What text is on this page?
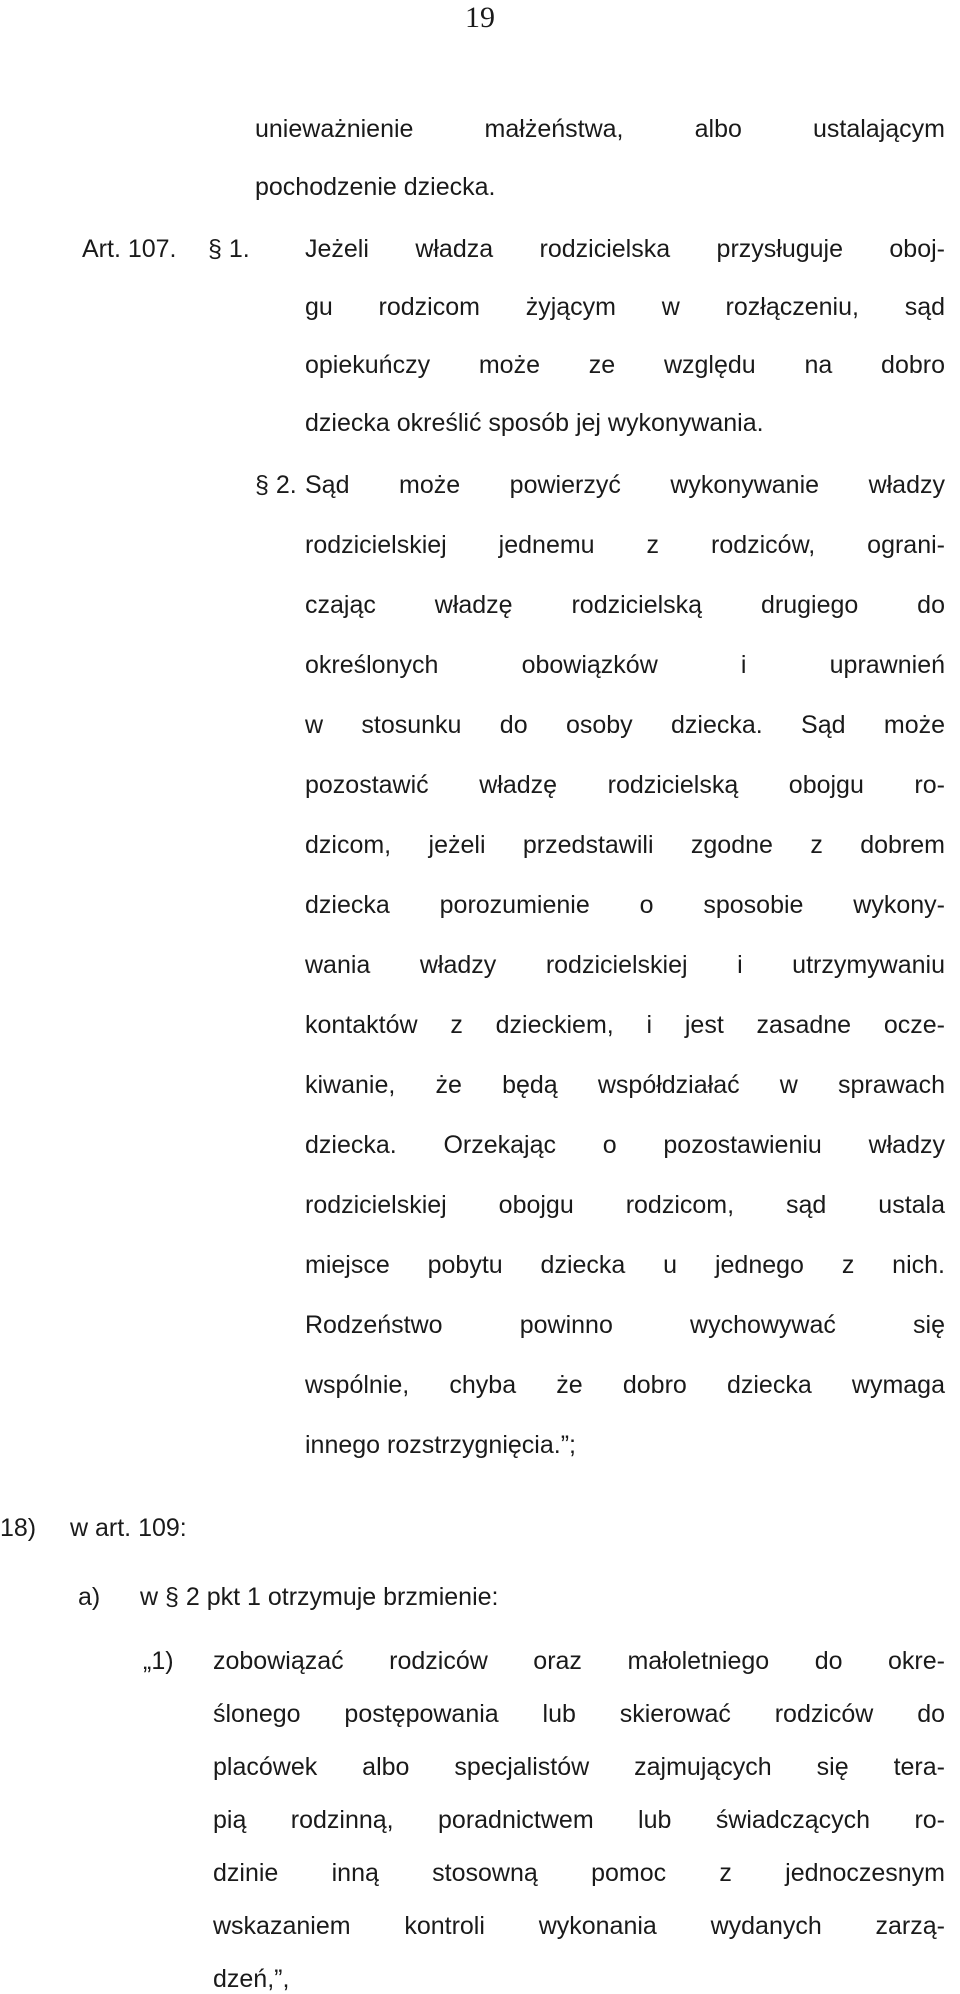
19
unieważnienie małżeństwa, albo ustalającym
pochodzenie dziecka.
Art. 107. § 1. Jeżeli władza rodzicielska przysługuje oboj-
gu rodzicom żyjącym w rozłączeniu, sąd
opiekuńczy może ze względu na dobro
dziecka określić sposób jej wykonywania.
§ 2. Sąd może powierzyć wykonywanie władzy
rodzicielskiej jednemu z rodziców, ograni-
czając władzę rodzicielską drugiego do
określonych obowiązków i uprawnień
w stosunku do osoby dziecka. Sąd może
pozostawić władzę rodzicielską obojgu ro-
dzicom, jeżeli przedstawili zgodne z dobrem
dziecka porozumienie o sposobie wykony-
wania władzy rodzicielskiej i utrzymywaniu
kontaktów z dzieckiem, i jest zasadne ocze-
kiwanie, że będą współdziałać w sprawach
dziecka. Orzekając o pozostawieniu władzy
rodzicielskiej obojgu rodzicom, sąd ustala
miejsce pobytu dziecka u jednego z nich.
Rodzeństwo powinno wychowywać się
wspólnie, chyba że dobro dziecka wymaga
innego rozstrzygnięcia.”;
18) w art. 109:
a) w § 2 pkt 1 otrzymuje brzmienie:
„1) zobowiązać rodziców oraz małoletniego do okre-
ślonego postępowania lub skierować rodziców do
placówek albo specjalistów zajmujących się tera-
pią rodzinną, poradnictwem lub świadczących ro-
dzinie inną stosowną pomoc z jednoczesnym
wskazaniem kontroli wykonania wydanych zarzą-
dzeń,”,
